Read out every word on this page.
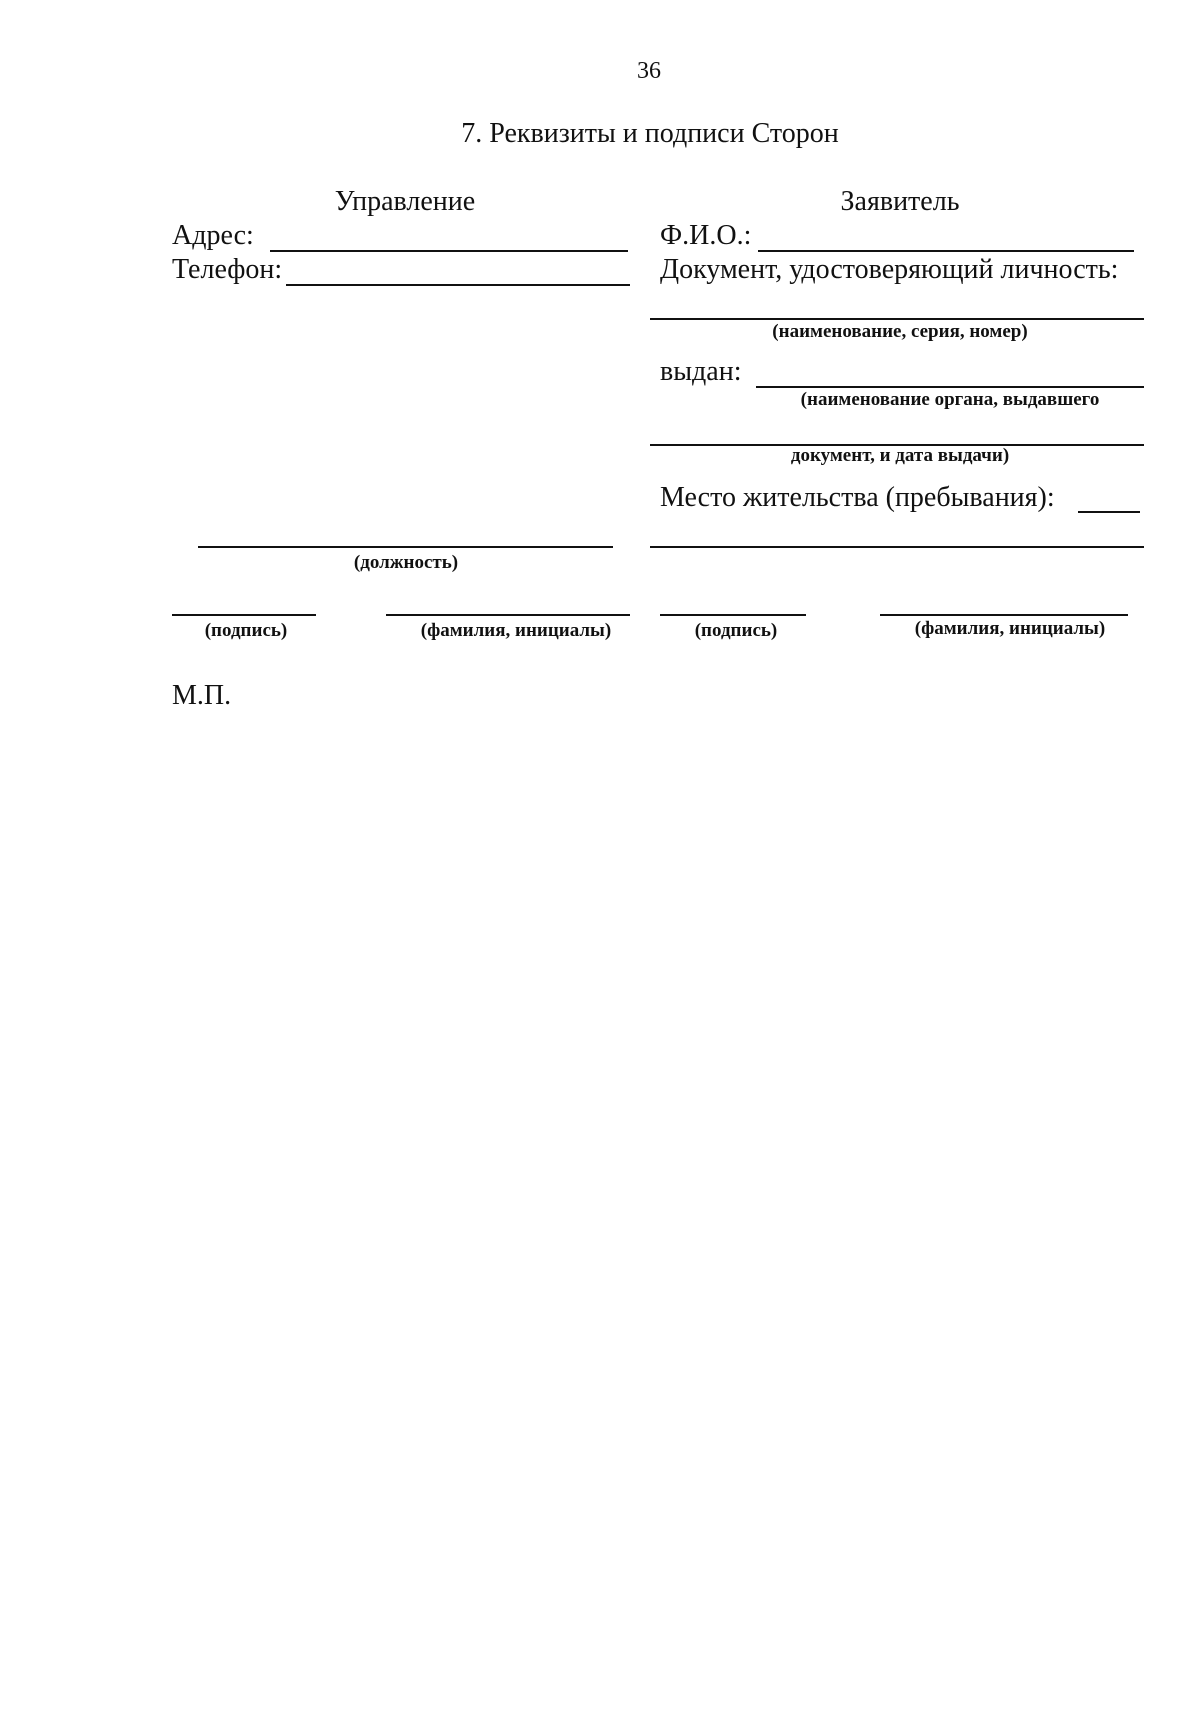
36
7. Реквизиты и подписи Сторон
Управление	Заявитель
Адрес:
Телефон:
Ф.И.О.:
Документ, удостоверяющий личность:
(наименование, серия, номер)
выдан:
(наименование органа, выдавшего
документ, и дата выдачи)
Место жительства (пребывания):
(должность)
(подпись)	(фамилия, инициалы)	(подпись)	(фамилия, инициалы)
М.П.
